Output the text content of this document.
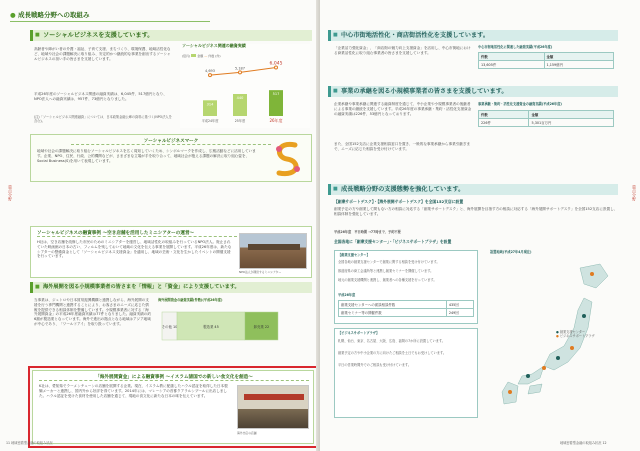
● 成長戦略分野への取組み
重点分野
■ ソーシャルビジネスを支援しています。
高齢者や障がい者の介護・福祉、子育て支援、まちづくり、環境保護、地域活性化など、地域や社会の課題解決に取り組み、安定的かつ継続的な事業を創出するソーシャルビジネスの担い手の皆さまを支援しています。
平成26年度のソーシャルビジネス関連の融資実績は、6,045件、517億円となり、NPO法人への融資実績は、957件、73億円となりました。
(注)「ソーシャルビジネス関連融資」については、日本政策金融公庫の資料に基づく(NPO法人を含む)。
ソーシャルビジネス関連の融資実績
314
4,693
平成24年度
440
5,187
25年度
517
6,045
26年度
(億円) 金額 — 件数 (件)
ソーシャルビジネスマーク
地域や社会の課題解決に取り組むソーシャルビジネスを広く周知していくため、シンボルマークを作成し、広報活動などに活用しています。企業、NPO、住民、行政、公的機関などが、さまざまな立場が手を取り合って、地域社会が抱える課題の解決に取り組む姿を、Social Business(S)を用いて表現しています。
ソーシャルビジネスの融資事例 ～空き店舗を活用したミニシアターの運営～
H社は、空き店舗を改修した市民のためのミニシアターを運営し、地域活性化の取組みを行っているNPO法人。廃止されていた映画館の日本の古い、フィルムを残しておいて地域の文化を伝える事業を展開しています。平成26年度は、新たなシアターの整備資金として「ソーシャルビジネス支援資金」を適用し、地域の芸術・文化を生かしたイベントの開催支援を行っています。
NPO法人が運営するミニシアター
■ 海外展開を図る小規模事業者の皆さまを「情報」と「資金」により支援しています。
当事業は、ジェトロや日本貿易振興機構と連携しながら、海外展開の支援を行う専門機関と連携することにより、お客さまのニーズに応じた情報を提供できる相談体制を整備しています。小規模事業者に対する「海外展開資金」の平成26年度融資実績は77件となりました。融資実績の約6割が製造業となっています。海外で進出の拠点となる地域はアジア地域が中心であり、「ワールドアイ」を取り扱っています。
海外展開資金の融資実績(件数)(平成26年度)
その他 10	製造業 45	卸売業 22
「海外展開資金」による融資事例 ～イスラム諸国での新しい食文化を創造～
K社は、愛知県でラーメンチェーンの店舗を展開する企業。現在、イスラム教に配慮したハラル認証を取得した日本製麺メーカーと連携し、国内外から好評を得ています。2014年には、マレーシアの首都クアラルンプールに出店しました。ハラル認証を受けた食材を使用した店舗を通じて、現地の食文化に新たな日本の味を伝えています。
海外出店の店舗
11 地域密着型金融の取組み状況
重点分野
■ 中心市街地活性化・商店街活性化を支援しています。
「企業活力強化資金」、「商店街の魅力向上支援資金」を活用し、中心市街地における商業活性化に取り組む事業者の皆さまを支援しています。
中心市街地活性化に関連した融資実績(平成26年度)
件数	金額
13,605件	1,159億円
■ 事業の承継を図る小規模事業者の皆さまを支援しています。
企業承継や事業承継に関連する融資制度を通じて、中小企業や小規模事業者の後継者による事業の継続を支援しています。平成26年度の事業承継・集約・活性化支援資金の融資実績は226件、53億円となっております。
また、全国152支店に企業支援相談窓口を置き、一般的な事業承継から事業引継ぎまで、ニーズに応じた相談を受け付けています。
事業承継・集約・活性化支援資金の融資実績(平成26年度)
件数	金額
226件	5,301百万円
■ 成長戦略分野の支援態勢を強化しています。
【創業サポートデスク】・【海外展開サポートデスク】を全国152支店に設置
創業予定の方や創業して間もない方の相談に対応する「創業サポートデスク」と、海外展開を目指す方の相談に対応する「海外展開サポートデスク」を全国152支店に設置し、相談体制を強化しています。
平成26年度　平日時間 →77時まで、予約不要
全国各地に「創業支援センター」・「ビジネスサポートプラザ」を設置
【創業支援センター】
全国各地の創業支援センターで創業に関する相談を受け付けています。
都道府県の商工会議所等と連携し創業セミナーを開催しています。
地元の創業支援機関と連携し、創業者への各種支援を行っています。
平成26年度
創業支援センターへの面談相談件数	435回
創業セミナー等の開催件数	249回
【ビジネスサポートプラザ】
札幌、仙台、東京、名古屋、大阪、広島、福岡の7か所に設置しています。
創業予定の方や中小企業の方に向けたご相談を土日でもお受けしています。
平日の営業時間外でのご相談も受け付けています。
設置地域(平成27年4月現在)
● 創業支援センター
● ビジネスサポートプラザ
地域密着型金融の取組み状況 12
